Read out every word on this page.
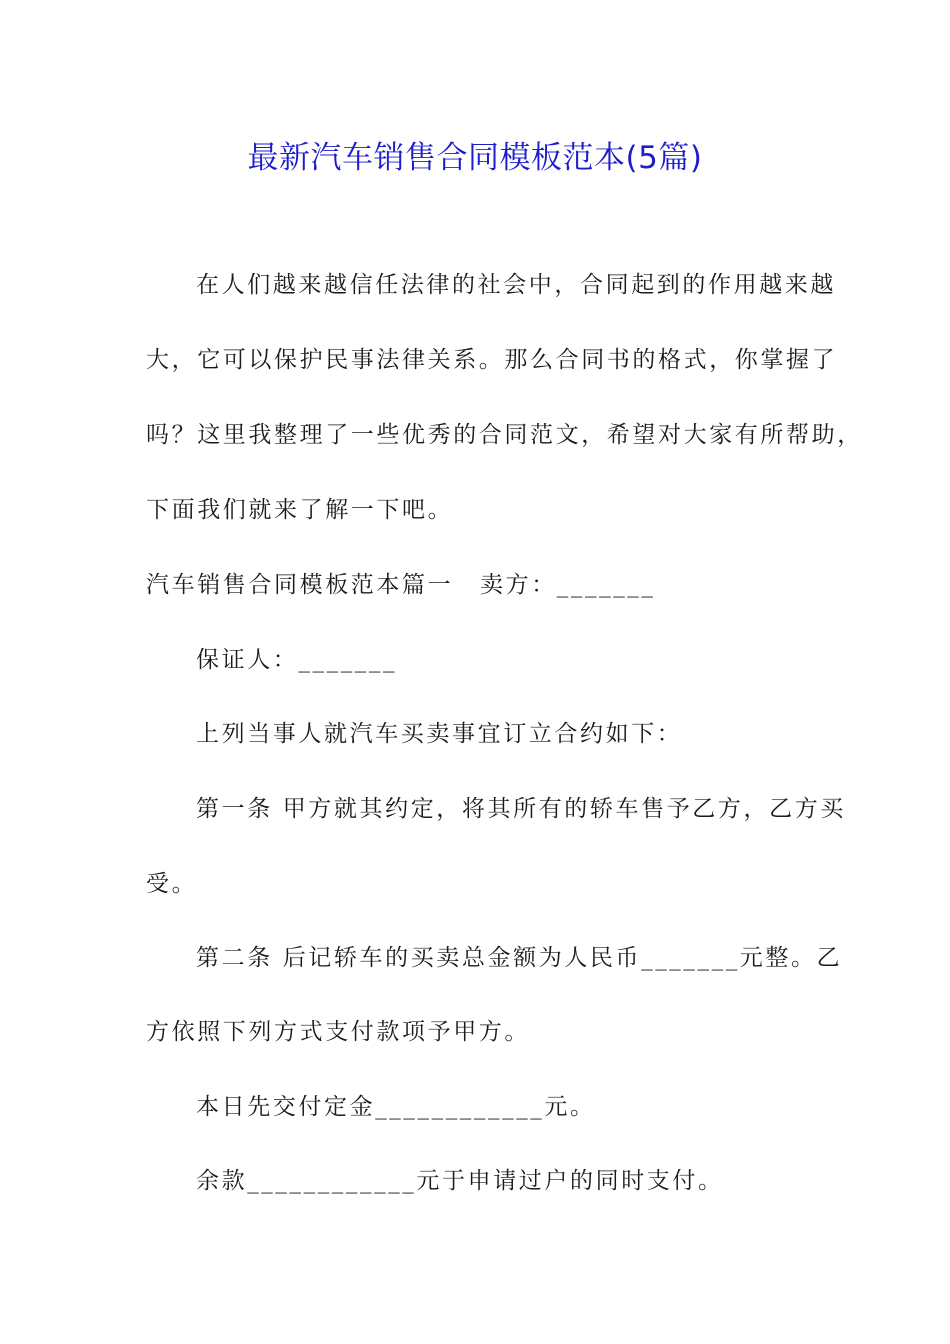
最新汽车销售合同模板范本(5篇)
在人们越来越信任法律的社会中，合同起到的作用越来越
大，它可以保护民事法律关系。那么合同书的格式，你掌握了
吗？这里我整理了一些优秀的合同范文，希望对大家有所帮助，
下面我们就来了解一下吧。
汽车销售合同模板范本篇一 卖方：_______
保证人：_______
上列当事人就汽车买卖事宜订立合约如下：
第一条 甲方就其约定，将其所有的轿车售予乙方，乙方买
受。
第二条 后记轿车的买卖总金额为人民币_______元整。乙
方依照下列方式支付款项予甲方。
本日先交付定金____________元。
余款____________元于申请过户的同时支付。
